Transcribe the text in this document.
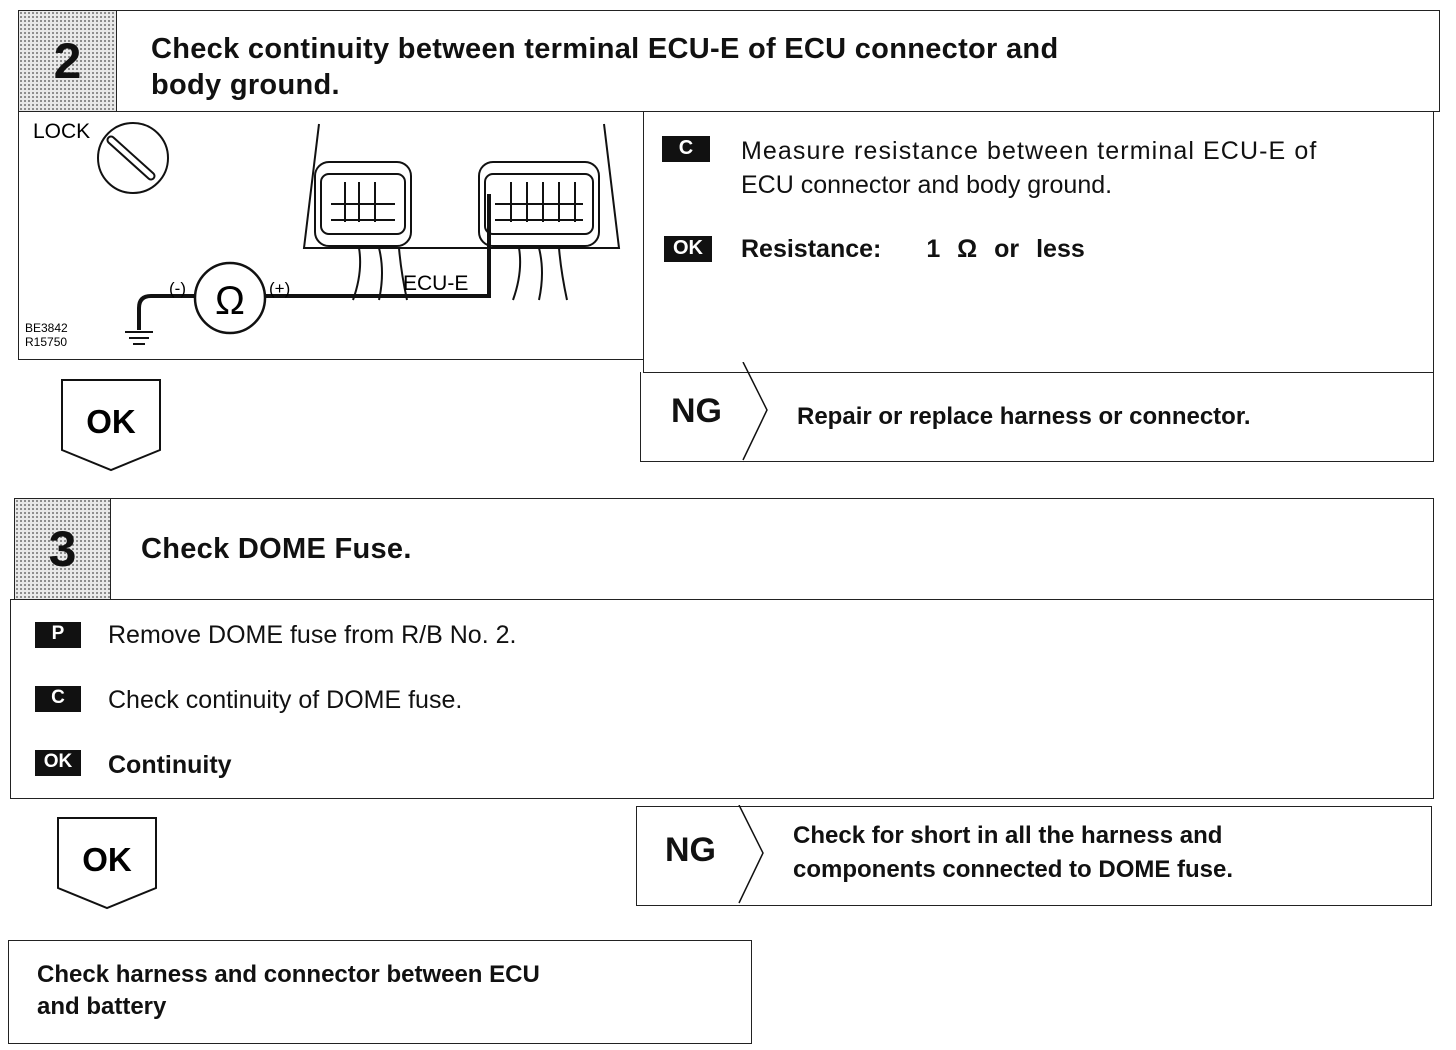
2	Check continuity between terminal ECU-E of ECU connector and
body ground.
LOCK
Ω
(-)	(+)	ECU-E
BE3842
R15750
C	Measure resistance between terminal ECU-E of
ECU connector and body ground.
OK	Resistance: 1 Ω or less
OK	NG	Repair or replace harness or connector.
3	Check DOME Fuse.
P	Remove DOME fuse from R/B No. 2.
C	Check continuity of DOME fuse.
OK	Continuity
OK	NG	Check for short in all the harness and
components connected to DOME fuse.
Check harness and connector between ECU
and battery
